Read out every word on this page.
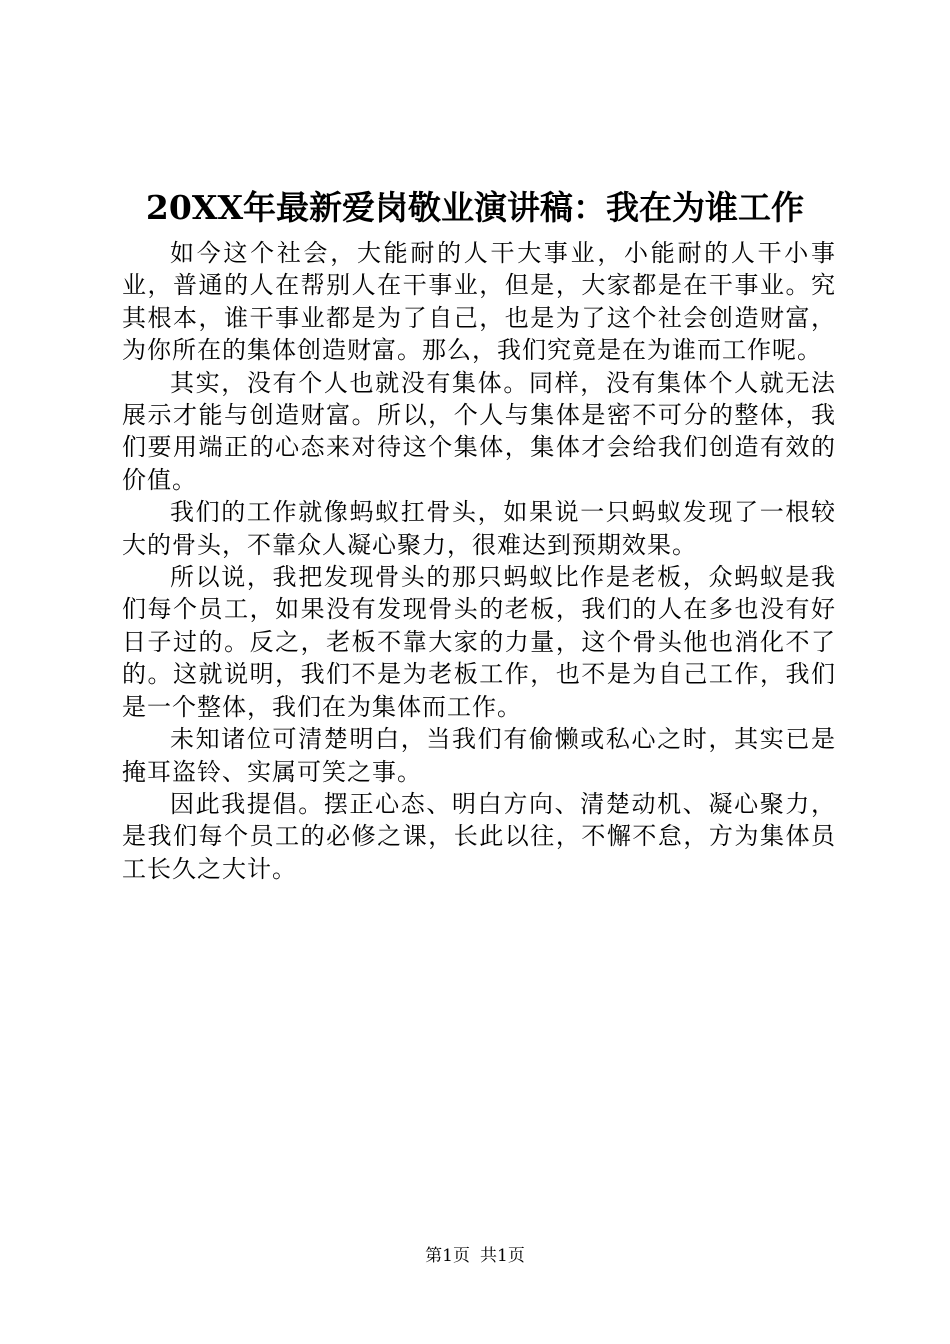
20XX年最新爱岗敬业演讲稿：我在为谁工作

如今这个社会，大能耐的人干大事业，小能耐的人干小事业，普通的人在帮别人在干事业，但是，大家都是在干事业。究其根本，谁干事业都是为了自己，也是为了这个社会创造财富，为你所在的集体创造财富。那么，我们究竟是在为谁而工作呢。

其实，没有个人也就没有集体。同样，没有集体个人就无法展示才能与创造财富。所以，个人与集体是密不可分的整体，我们要用端正的心态来对待这个集体，集体才会给我们创造有效的价值。

我们的工作就像蚂蚁扛骨头，如果说一只蚂蚁发现了一根较大的骨头，不靠众人凝心聚力，很难达到预期效果。

所以说，我把发现骨头的那只蚂蚁比作是老板，众蚂蚁是我们每个员工，如果没有发现骨头的老板，我们的人在多也没有好日子过的。反之，老板不靠大家的力量，这个骨头他也消化不了的。这就说明，我们不是为老板工作，也不是为自己工作，我们是一个整体，我们在为集体而工作。

未知诸位可清楚明白，当我们有偷懒或私心之时，其实已是掩耳盗铃、实属可笑之事。

因此我提倡。摆正心态、明白方向、清楚动机、凝心聚力，是我们每个员工的必修之课，长此以往，不懈不怠，方为集体员工长久之大计。

第1页 共1页
